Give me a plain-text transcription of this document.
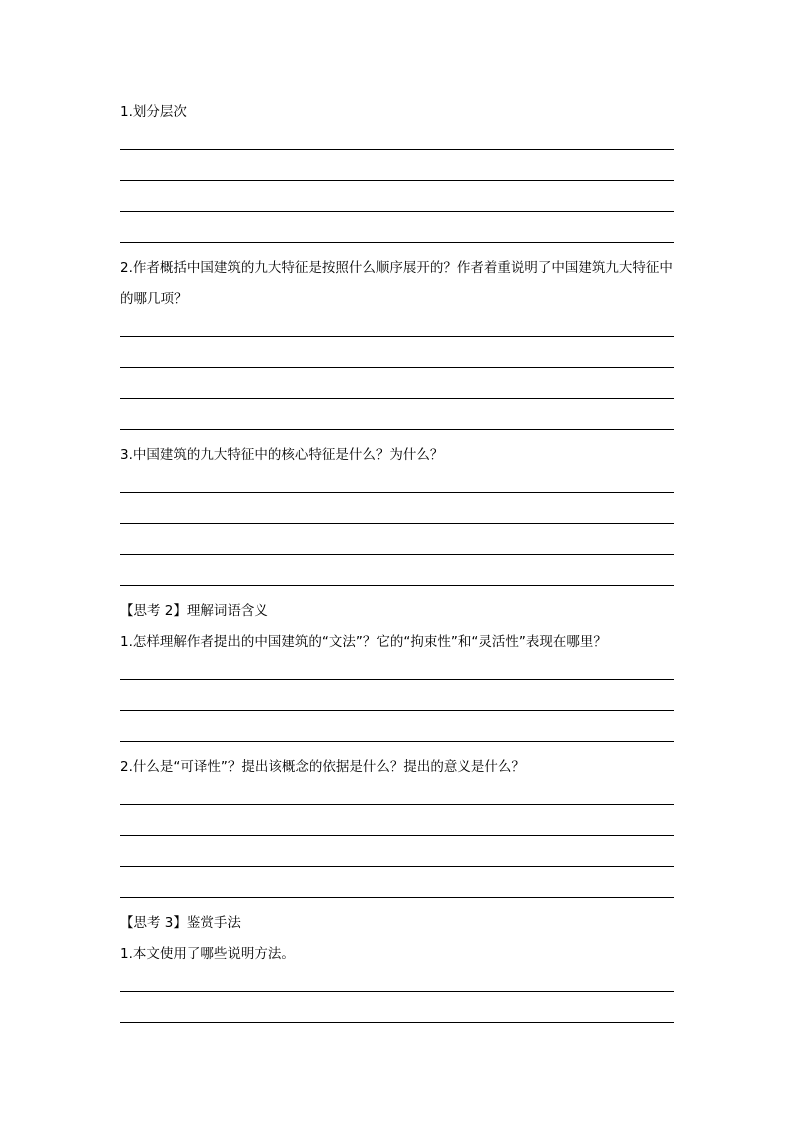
1.划分层次
2.作者概括中国建筑的九大特征是按照什么顺序展开的？作者着重说明了中国建筑九大特征中的哪几项？
3.中国建筑的九大特征中的核心特征是什么？为什么？
【思考 2】理解词语含义
1.怎样理解作者提出的中国建筑的“文法”？它的“拘束性”和“灵活性”表现在哪里？
2.什么是“可译性”？提出该概念的依据是什么？提出的意义是什么？
【思考 3】鉴赏手法
1.本文使用了哪些说明方法。
